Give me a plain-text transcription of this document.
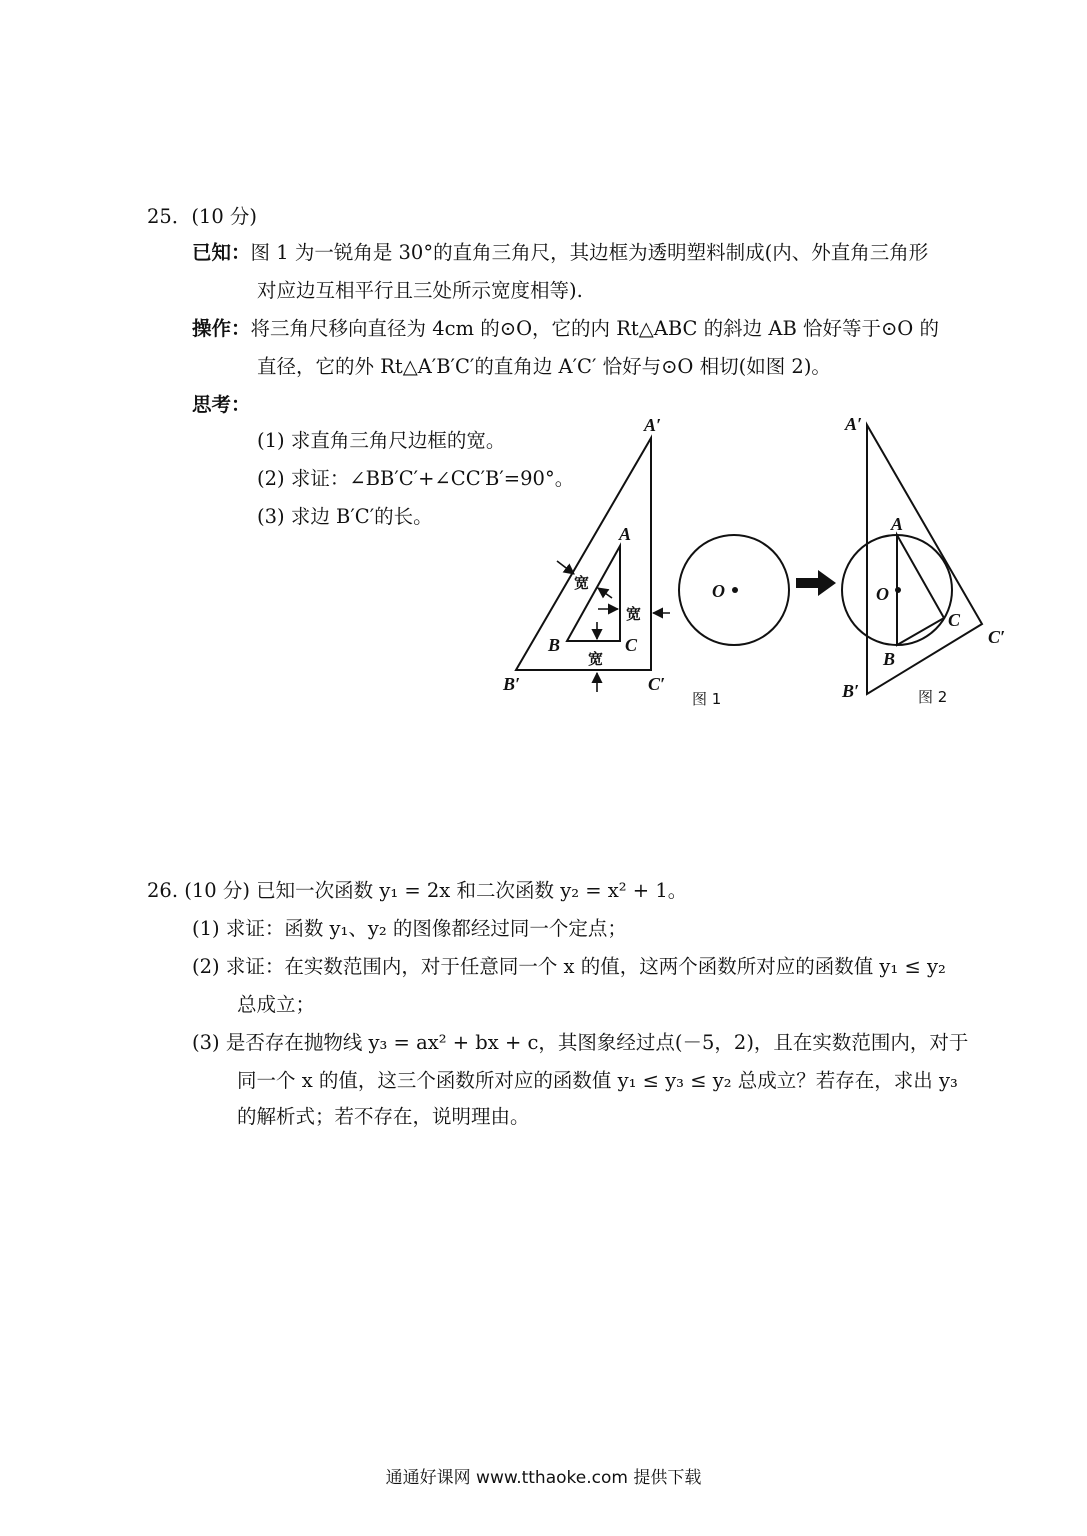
25．(10 分)
已知：图 1 为一锐角是 30°的直角三角尺，其边框为透明塑料制成(内、外直角三角形
对应边互相平行且三处所示宽度相等).
操作：将三角尺移向直径为 4cm 的⊙O，它的内 Rt△ABC 的斜边 AB 恰好等于⊙O 的
直径，它的外 Rt△A′B′C′的直角边 A′C′ 恰好与⊙O 相切(如图 2)。
思考：
(1) 求直角三角尺边框的宽。
(2) 求证：∠BB′C′+∠CC′B′=90°。
(3) 求边 B′C′的长。
宽
宽
宽
A′
B′	C′
A
B	C
图 1
O
A′
B′
C′
A
B
C
O
图 2
26. (10 分) 已知一次函数 y₁ = 2x 和二次函数 y₂ = x² + 1。
(1) 求证：函数 y₁、y₂ 的图像都经过同一个定点；
(2) 求证：在实数范围内，对于任意同一个 x 的值，这两个函数所对应的函数值 y₁ ≤ y₂
总成立；
(3) 是否存在抛物线 y₃ = ax² + bx + c，其图象经过点(－5，2)，且在实数范围内，对于
同一个 x 的值，这三个函数所对应的函数值 y₁ ≤ y₃ ≤ y₂ 总成立？若存在，求出 y₃
的解析式；若不存在，说明理由。
通通好课网 www.tthaoke.com 提供下载
